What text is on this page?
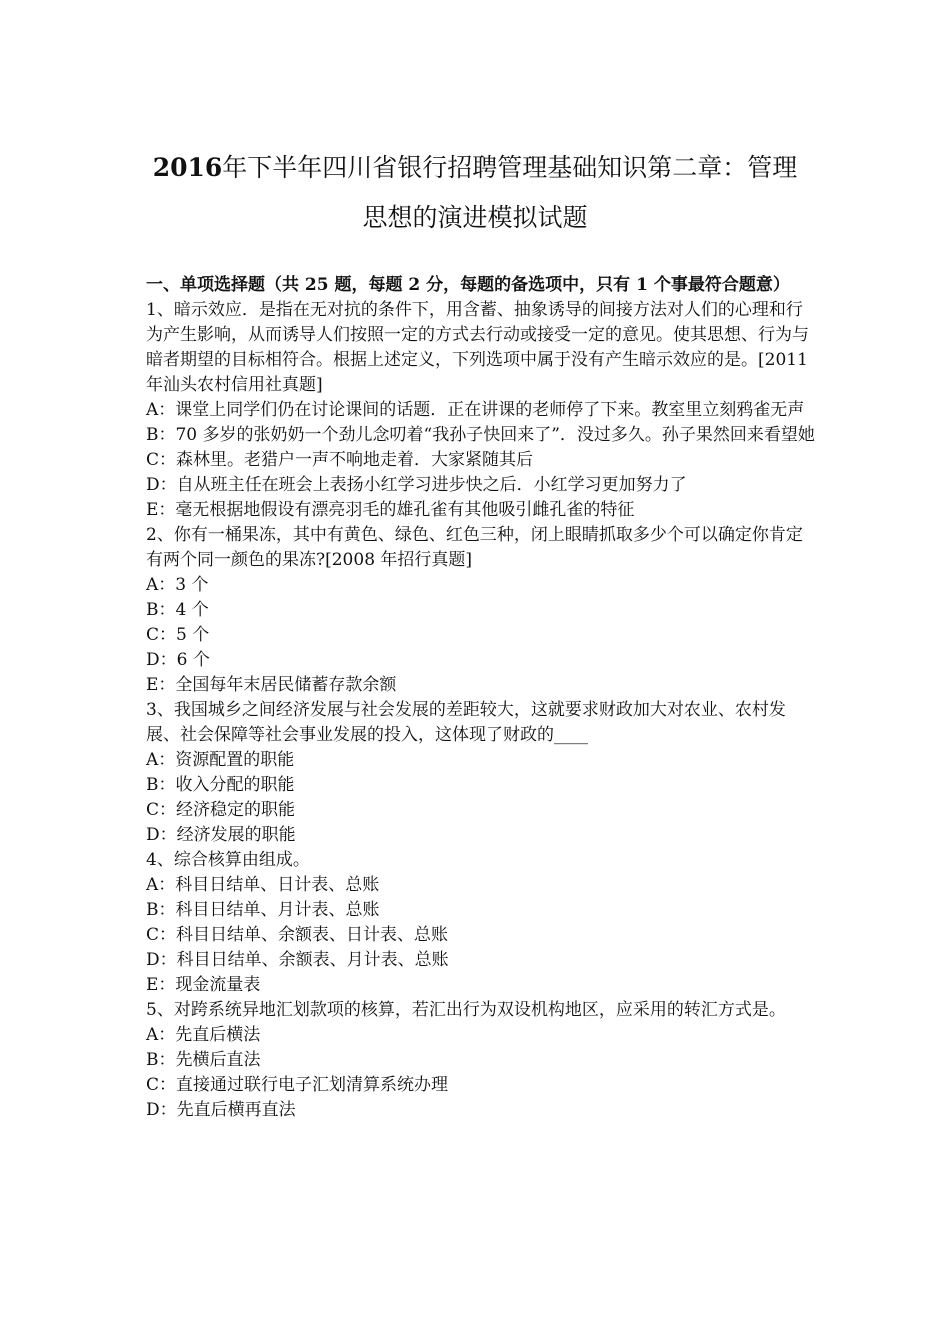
2016年下半年四川省银行招聘管理基础知识第二章：管理
思想的演进模拟试题

一、单项选择题（共 25 题，每题 2 分，每题的备选项中，只有 1 个事最符合题意）

1、暗示效应．是指在无对抗的条件下，用含蓄、抽象诱导的间接方法对人们的心理和行为产生影响，从而诱导人们按照一定的方式去行动或接受一定的意见。使其思想、行为与暗者期望的目标相符合。根据上述定义，下列选项中属于没有产生暗示效应的是。[2011 年汕头农村信用社真题]

A：课堂上同学们仍在讨论课间的话题．正在讲课的老师停了下来。教室里立刻鸦雀无声
B：70 多岁的张奶奶一个劲儿念叨着“我孙子快回来了”．没过多久。孙子果然回来看望她
C：森林里。老猎户一声不响地走着．大家紧随其后
D：自从班主任在班会上表扬小红学习进步快之后．小红学习更加努力了
E：毫无根据地假设有漂亮羽毛的雄孔雀有其他吸引雌孔雀的特征

2、你有一桶果冻，其中有黄色、绿色、红色三种，闭上眼睛抓取多少个可以确定你肯定有两个同一颜色的果冻?[2008 年招行真题]

A：3 个
B：4 个
C：5 个
D：6 个
E：全国每年末居民储蓄存款余额

3、我国城乡之间经济发展与社会发展的差距较大，这就要求财政加大对农业、农村发展、社会保障等社会事业发展的投入，这体现了财政的____

A：资源配置的职能
B：收入分配的职能
C：经济稳定的职能
D：经济发展的职能

4、综合核算由组成。

A：科目日结单、日计表、总账
B：科目日结单、月计表、总账
C：科目日结单、余额表、日计表、总账
D：科目日结单、余额表、月计表、总账
E：现金流量表

5、对跨系统异地汇划款项的核算，若汇出行为双设机构地区，应采用的转汇方式是。

A：先直后横法
B：先横后直法
C：直接通过联行电子汇划清算系统办理
D：先直后横再直法
